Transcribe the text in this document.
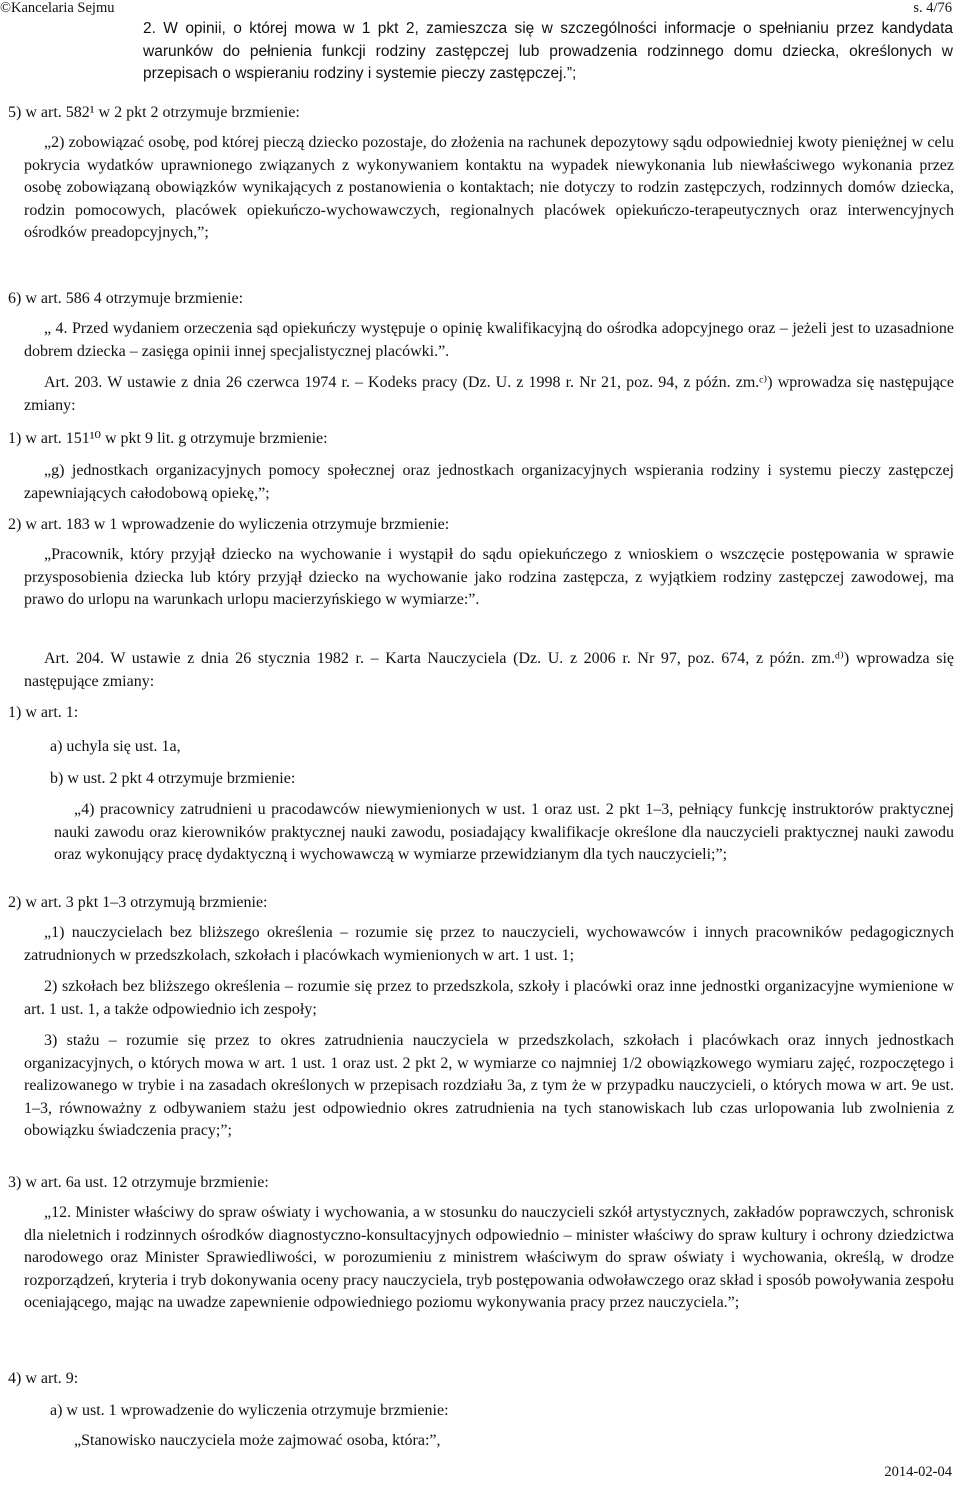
©Kancelaria Sejmu	s. 4/76

2. W opinii, o której mowa w 1 pkt 2, zamieszcza się w szczególności informacje o spełnianiu przez kandydata warunków do pełnienia funkcji rodziny zastępczej lub prowadzenia rodzinnego domu dziecka, określonych w przepisach o wspieraniu rodziny i systemie pieczy zastępczej.”;

5) w art. 582¹ w 2 pkt 2 otrzymuje brzmienie:

„2) zobowiązać osobę, pod której pieczą dziecko pozostaje, do złożenia na rachunek depozytowy sądu odpowiedniej kwoty pieniężnej w celu pokrycia wydatków uprawnionego związanych z wykonywaniem kontaktu na wypadek niewykonania lub niewłaściwego wykonania przez osobę zobowiązaną obowiązków wynikających z postanowienia o kontaktach; nie dotyczy to rodzin zastępczych, rodzinnych domów dziecka, rodzin pomocowych, placówek opiekuńczo-wychowawczych, regionalnych placówek opiekuńczo-terapeutycznych oraz interwencyjnych ośrodków preadopcyjnych,”;

6) w art. 586 4 otrzymuje brzmienie:

„ 4. Przed wydaniem orzeczenia sąd opiekuńczy występuje o opinię kwalifikacyjną do ośrodka adopcyjnego oraz – jeżeli jest to uzasadnione dobrem dziecka – zasięga opinii innej specjalistycznej placówki.”.

Art. 203. W ustawie z dnia 26 czerwca 1974 r. – Kodeks pracy (Dz. U. z 1998 r. Nr 21, poz. 94, z późn. zm.ᶜ⁾) wprowadza się następujące zmiany:

1) w art. 151¹⁰ w pkt 9 lit. g otrzymuje brzmienie:

„g) jednostkach organizacyjnych pomocy społecznej oraz jednostkach organizacyjnych wspierania rodziny i systemu pieczy zastępczej zapewniających całodobową opiekę,”;

2) w art. 183 w 1 wprowadzenie do wyliczenia otrzymuje brzmienie:

„Pracownik, który przyjął dziecko na wychowanie i wystąpił do sądu opiekuńczego z wnioskiem o wszczęcie postępowania w sprawie przysposobienia dziecka lub który przyjął dziecko na wychowanie jako rodzina zastępcza, z wyjątkiem rodziny zastępczej zawodowej, ma prawo do urlopu na warunkach urlopu macierzyńskiego w wymiarze:”.

Art. 204. W ustawie z dnia 26 stycznia 1982 r. – Karta Nauczyciela (Dz. U. z 2006 r. Nr 97, poz. 674, z późn. zm.ᵈ⁾) wprowadza się następujące zmiany:

1) w art. 1:

a) uchyla się ust. 1a,

b) w ust. 2 pkt 4 otrzymuje brzmienie:

„4) pracownicy zatrudnieni u pracodawców niewymienionych w ust. 1 oraz ust. 2 pkt 1–3, pełniący funkcję instruktorów praktycznej nauki zawodu oraz kierowników praktycznej nauki zawodu, posiadający kwalifikacje określone dla nauczycieli praktycznej nauki zawodu oraz wykonujący pracę dydaktyczną i wychowawczą w wymiarze przewidzianym dla tych nauczycieli;”;

2) w art. 3 pkt 1–3 otrzymują brzmienie:

„1) nauczycielach bez bliższego określenia – rozumie się przez to nauczycieli, wychowawców i innych pracowników pedagogicznych zatrudnionych w przedszkolach, szkołach i placówkach wymienionych w art. 1 ust. 1;

2) szkołach bez bliższego określenia – rozumie się przez to przedszkola, szkoły i placówki oraz inne jednostki organizacyjne wymienione w art. 1 ust. 1, a także odpowiednio ich zespoły;

3) stażu – rozumie się przez to okres zatrudnienia nauczyciela w przedszkolach, szkołach i placówkach oraz innych jednostkach organizacyjnych, o których mowa w art. 1 ust. 1 oraz ust. 2 pkt 2, w wymiarze co najmniej 1/2 obowiązkowego wymiaru zajęć, rozpoczętego i realizowanego w trybie i na zasadach określonych w przepisach rozdziału 3a, z tym że w przypadku nauczycieli, o których mowa w art. 9e ust. 1–3, równoważny z odbywaniem stażu jest odpowiednio okres zatrudnienia na tych stanowiskach lub czas urlopowania lub zwolnienia z obowiązku świadczenia pracy;”;

3) w art. 6a ust. 12 otrzymuje brzmienie:

„12. Minister właściwy do spraw oświaty i wychowania, a w stosunku do nauczycieli szkół artystycznych, zakładów poprawczych, schronisk dla nieletnich i rodzinnych ośrodków diagnostyczno-konsultacyjnych odpowiednio – minister właściwy do spraw kultury i ochrony dziedzictwa narodowego oraz Minister Sprawiedliwości, w porozumieniu z ministrem właściwym do spraw oświaty i wychowania, określą, w drodze rozporządzeń, kryteria i tryb dokonywania oceny pracy nauczyciela, tryb postępowania odwoławczego oraz skład i sposób powoływania zespołu oceniającego, mając na uwadze zapewnienie odpowiedniego poziomu wykonywania pracy przez nauczyciela.”;

4) w art. 9:

a) w ust. 1 wprowadzenie do wyliczenia otrzymuje brzmienie:

„Stanowisko nauczyciela może zajmować osoba, która:”,

2014-02-04
